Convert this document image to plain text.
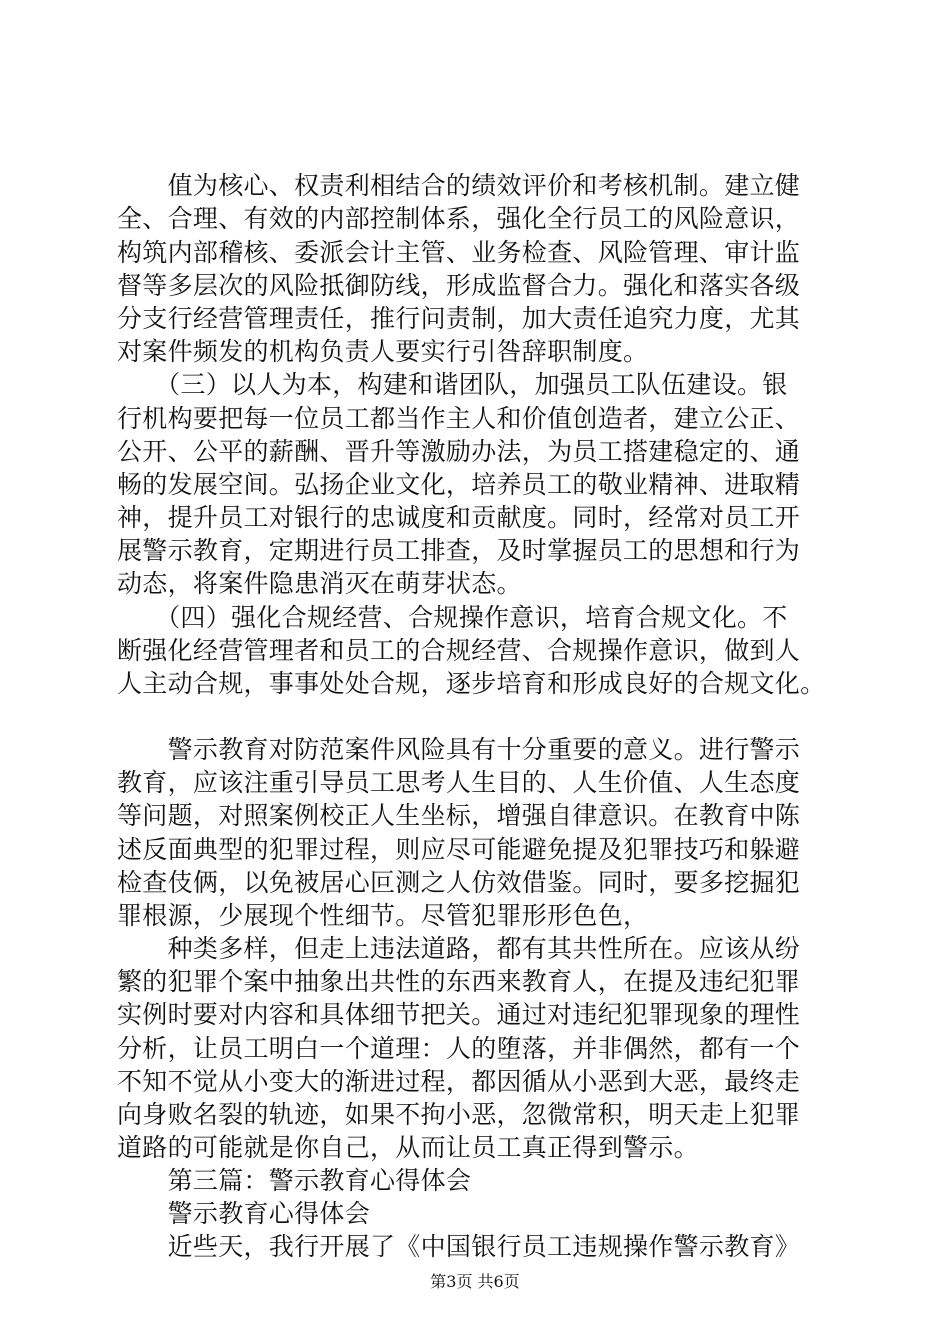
　　值为核心、权责利相结合的绩效评价和考核机制。建立健
全、合理、有效的内部控制体系，强化全行员工的风险意识，
构筑内部稽核、委派会计主管、业务检查、风险管理、审计监
督等多层次的风险抵御防线，形成监督合力。强化和落实各级
分支行经营管理责任，推行问责制，加大责任追究力度，尤其
对案件频发的机构负责人要实行引咎辞职制度。
　　（三）以人为本，构建和谐团队，加强员工队伍建设。银
行机构要把每一位员工都当作主人和价值创造者，建立公正、
公开、公平的薪酬、晋升等激励办法，为员工搭建稳定的、通
畅的发展空间。弘扬企业文化，培养员工的敬业精神、进取精
神，提升员工对银行的忠诚度和贡献度。同时，经常对员工开
展警示教育，定期进行员工排查，及时掌握员工的思想和行为
动态，将案件隐患消灭在萌芽状态。
　　（四）强化合规经营、合规操作意识，培育合规文化。不
断强化经营管理者和员工的合规经营、合规操作意识，做到人
人主动合规，事事处处合规，逐步培育和形成良好的合规文化。
　　警示教育对防范案件风险具有十分重要的意义。进行警示
教育，应该注重引导员工思考人生目的、人生价值、人生态度
等问题，对照案例校正人生坐标，增强自律意识。在教育中陈
述反面典型的犯罪过程，则应尽可能避免提及犯罪技巧和躲避
检查伎俩，以免被居心叵测之人仿效借鉴。同时，要多挖掘犯
罪根源，少展现个性细节。尽管犯罪形形色色，
　　种类多样，但走上违法道路，都有其共性所在。应该从纷
繁的犯罪个案中抽象出共性的东西来教育人，在提及违纪犯罪
实例时要对内容和具体细节把关。通过对违纪犯罪现象的理性
分析，让员工明白一个道理：人的堕落，并非偶然，都有一个
不知不觉从小变大的渐进过程，都因循从小恶到大恶，最终走
向身败名裂的轨迹，如果不拘小恶，忽微常积，明天走上犯罪
道路的可能就是你自己，从而让员工真正得到警示。
　　第三篇：警示教育心得体会
　　警示教育心得体会
　　近些天，我行开展了《中国银行员工违规操作警示教育》
第3页 共6页
